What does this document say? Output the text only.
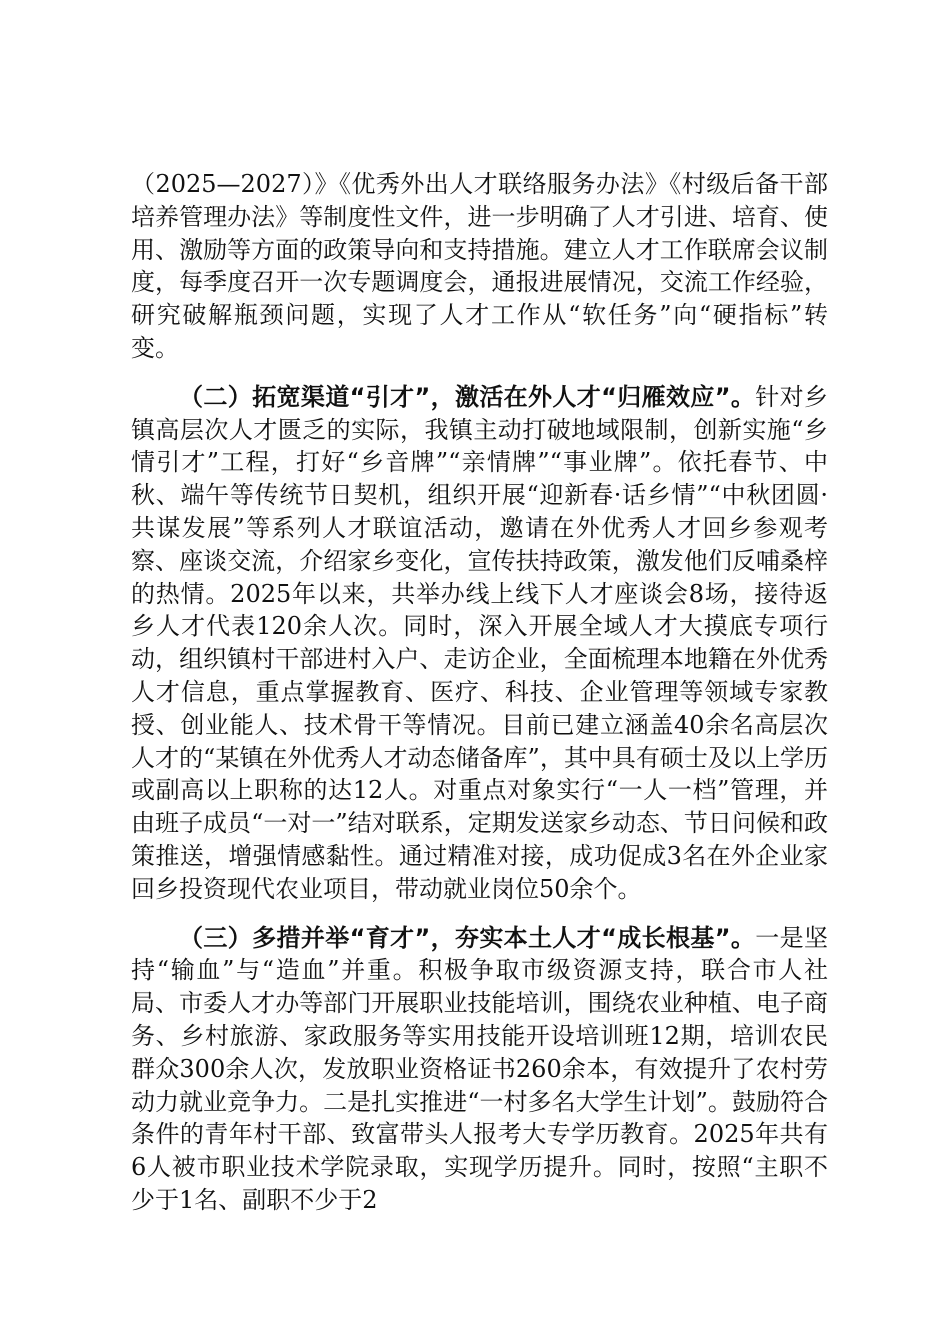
（2025—2027）》《优秀外出人才联络服务办法》《村级后备干部培养管理办法》等制度性文件，进一步明确了人才引进、培育、使用、激励等方面的政策导向和支持措施。建立人才工作联席会议制度，每季度召开一次专题调度会，通报进展情况，交流工作经验，研究破解瓶颈问题，实现了人才工作从“软任务”向“硬指标”转变。

（二）拓宽渠道“引才”，激活在外人才“归雁效应”。针对乡镇高层次人才匮乏的实际，我镇主动打破地域限制，创新实施“乡情引才”工程，打好“乡音牌”“亲情牌”“事业牌”。依托春节、中秋、端午等传统节日契机，组织开展“迎新春·话乡情”“中秋团圆·共谋发展”等系列人才联谊活动，邀请在外优秀人才回乡参观考察、座谈交流，介绍家乡变化，宣传扶持政策，激发他们反哺桑梓的热情。2025年以来，共举办线上线下人才座谈会8场，接待返乡人才代表120余人次。同时，深入开展全域人才大摸底专项行动，组织镇村干部进村入户、走访企业，全面梳理本地籍在外优秀人才信息，重点掌握教育、医疗、科技、企业管理等领域专家教授、创业能人、技术骨干等情况。目前已建立涵盖40余名高层次人才的“某镇在外优秀人才动态储备库”，其中具有硕士及以上学历或副高以上职称的达12人。对重点对象实行“一人一档”管理，并由班子成员“一对一”结对联系，定期发送家乡动态、节日问候和政策推送，增强情感黏性。通过精准对接，成功促成3名在外企业家回乡投资现代农业项目，带动就业岗位50余个。

（三）多措并举“育才”，夯实本土人才“成长根基”。一是坚持“输血”与“造血”并重。积极争取市级资源支持，联合市人社局、市委人才办等部门开展职业技能培训，围绕农业种植、电子商务、乡村旅游、家政服务等实用技能开设培训班12期，培训农民群众300余人次，发放职业资格证书260余本，有效提升了农村劳动力就业竞争力。二是扎实推进“一村多名大学生计划”。鼓励符合条件的青年村干部、致富带头人报考大专学历教育。2025年共有6人被市职业技术学院录取，实现学历提升。同时，按照“主职不少于1名、副职不少于2
